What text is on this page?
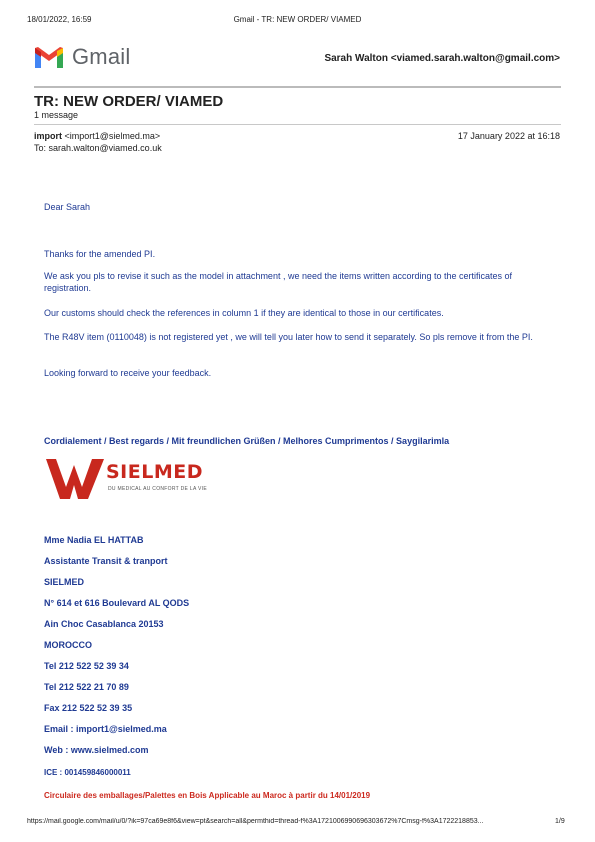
18/01/2022, 16:59	Gmail - TR: NEW ORDER/ VIAMED
Gmail	Sarah Walton <viamed.sarah.walton@gmail.com>
TR: NEW ORDER/ VIAMED
1 message
import <import1@sielmed.ma>	17 January 2022 at 16:18
To: sarah.walton@viamed.co.uk
Dear Sarah
Thanks for the amended PI.
We ask you pls to revise it such as the model in attachment , we need the items written according to the certificates of registration.
Our customs should check the references in column 1 if they are identical to those in our certificates.
The R48V item (0110048) is not registered yet , we will tell you later how to send it separately. So pls remove it from the PI.
Looking forward to receive your feedback.
Cordialement / Best regards / Mit freundlichen Grüßen / Melhores Cumprimentos / Saygilarimla
SIELMED
DU MEDICAL AU CONFORT DE LA VIE
Mme Nadia EL HATTAB
Assistante Transit & tranport
SIELMED
N° 614 et 616 Boulevard AL QODS
Ain Choc Casablanca 20153
MOROCCO
Tel 212 522 52 39 34
Tel 212 522 21 70 89
Fax 212 522 52 39 35
Email : import1@sielmed.ma
Web : www.sielmed.com
ICE : 001459846000011
Circulaire des emballages/Palettes en Bois Applicable au Maroc à partir du 14/01/2019
https://mail.google.com/mail/u/0/?ik=97ca69e8f6&view=pt&search=all&permthid=thread-f%3A1721006990696303672%7Cmsg-f%3A1722218853...	1/9
